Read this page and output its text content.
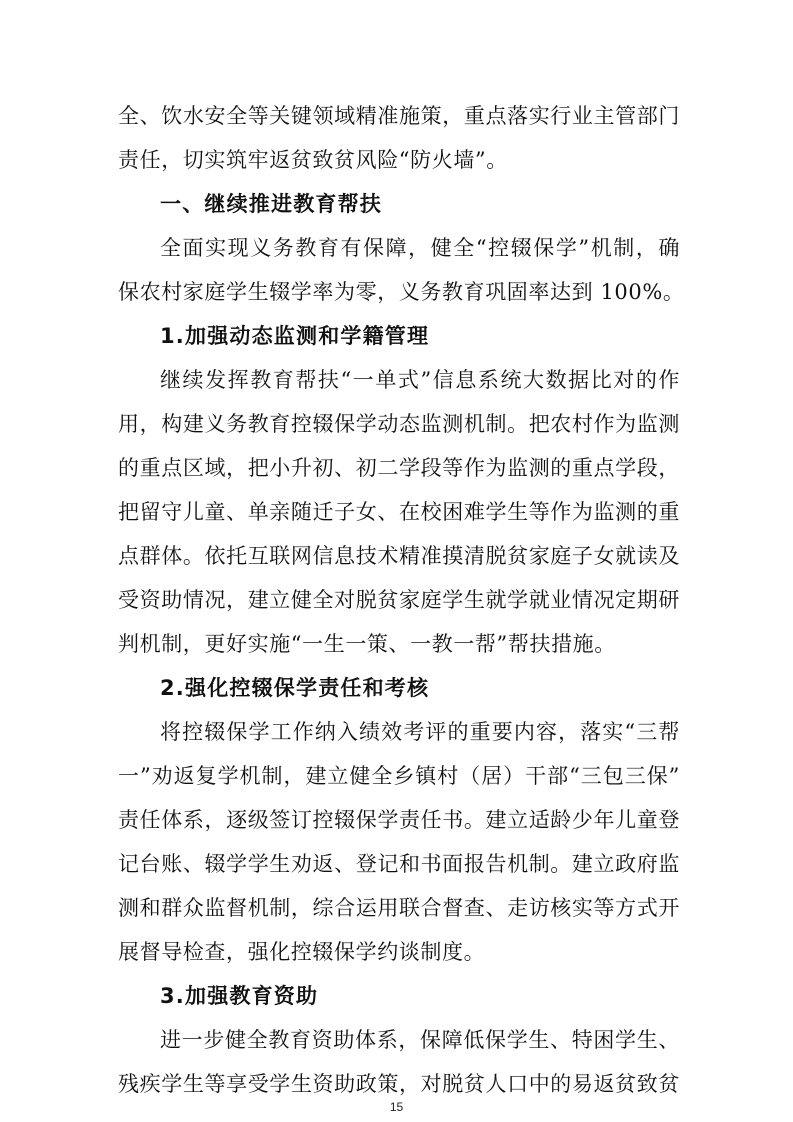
全、饮水安全等关键领域精准施策，重点落实行业主管部门
责任，切实筑牢返贫致贫风险“防火墙”。
一、继续推进教育帮扶
全面实现义务教育有保障，健全“控辍保学”机制，确
保农村家庭学生辍学率为零，义务教育巩固率达到 100%。
1.加强动态监测和学籍管理
继续发挥教育帮扶“一单式”信息系统大数据比对的作
用，构建义务教育控辍保学动态监测机制。把农村作为监测
的重点区域，把小升初、初二学段等作为监测的重点学段，
把留守儿童、单亲随迁子女、在校困难学生等作为监测的重
点群体。依托互联网信息技术精准摸清脱贫家庭子女就读及
受资助情况，建立健全对脱贫家庭学生就学就业情况定期研
判机制，更好实施“一生一策、一教一帮”帮扶措施。
2.强化控辍保学责任和考核
将控辍保学工作纳入绩效考评的重要内容，落实“三帮
一”劝返复学机制，建立健全乡镇村（居）干部“三包三保”
责任体系，逐级签订控辍保学责任书。建立适龄少年儿童登
记台账、辍学学生劝返、登记和书面报告机制。建立政府监
测和群众监督机制，综合运用联合督查、走访核实等方式开
展督导检查，强化控辍保学约谈制度。
3.加强教育资助
进一步健全教育资助体系，保障低保学生、特困学生、
残疾学生等享受学生资助政策，对脱贫人口中的易返贫致贫
15
